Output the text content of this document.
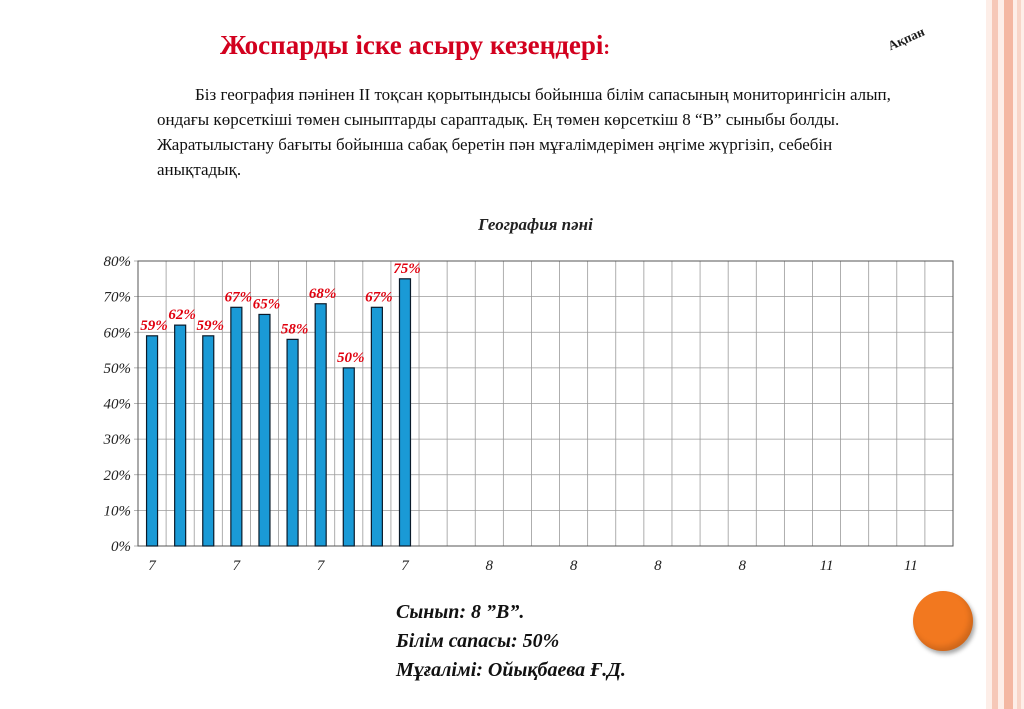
Жоспарды іске асыру кезеңдері:	Ақпан

Біз география пәнінен II тоқсан қорытындысы бойынша білім сапасының мониторингісін алып, ондағы көрсеткіші төмен сыныптарды сараптадық. Ең төмен көрсеткіш 8 “В” сыныбы болды. Жаратылыстану бағыты бойынша сабақ беретін пән мұғалімдерімен әңгіме жүргізіп, себебін анықтадық.

География пәні
0%
10%
20%
30%
40%
50%
60%
70%
80%
7	7	7	7	8	8	8	8	11	11
59%
62%
59%
67% 65%
58%
68%
50%
67%
75%
Сынып: 8 ”В”.
Білім сапасы: 50%
Мұғалімі: Ойықбаева Ғ.Д.
